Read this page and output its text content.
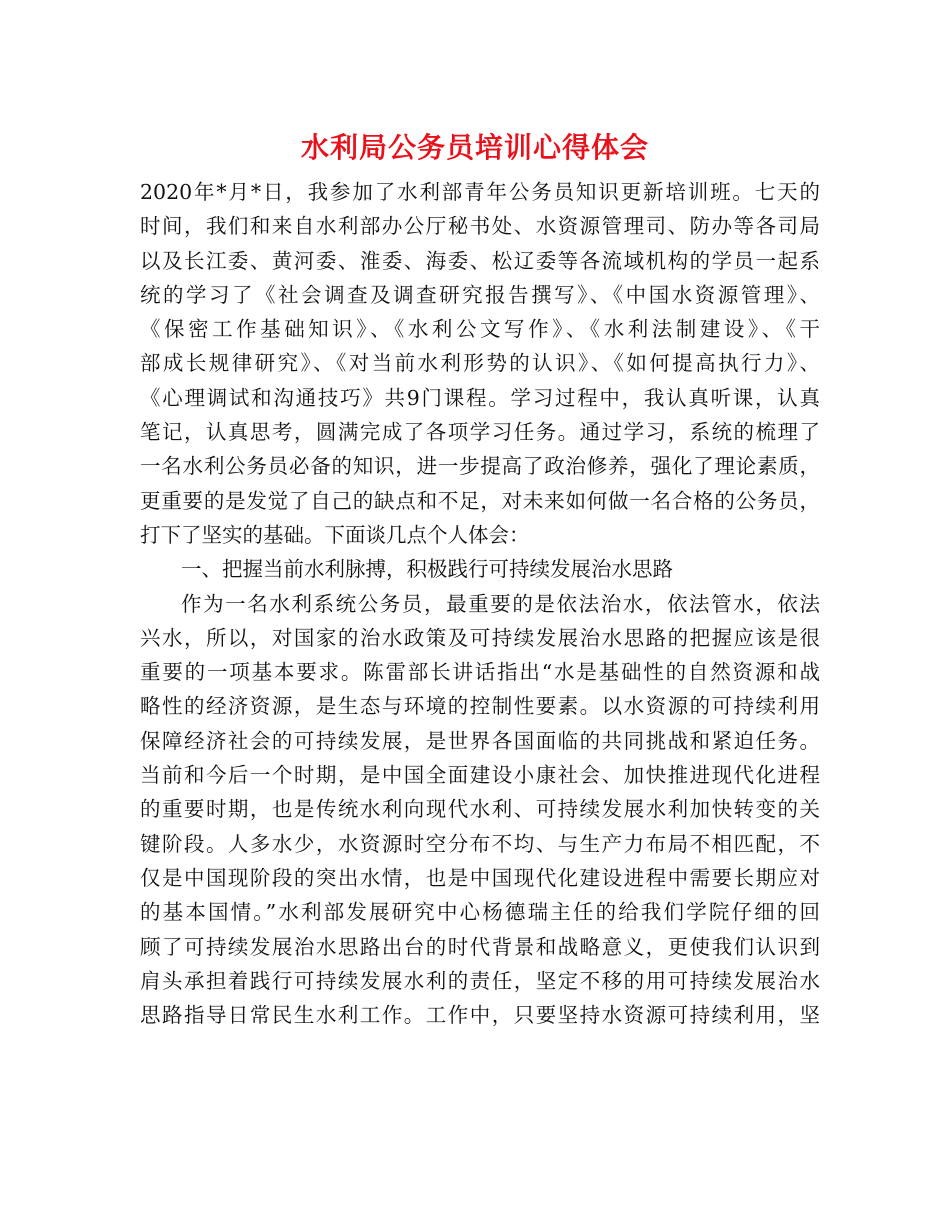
水利局公务员培训心得体会
2020年*月*日，我参加了水利部青年公务员知识更新培训班。七天的
时间，我们和来自水利部办公厅秘书处、水资源管理司、防办等各司局
以及长江委、黄河委、淮委、海委、松辽委等各流域机构的学员一起系
统的学习了《社会调查及调查研究报告撰写》、《中国水资源管理》、
《保密工作基础知识》、《水利公文写作》、《水利法制建设》、《干
部成长规律研究》、《对当前水利形势的认识》、《如何提高执行力》、
《心理调试和沟通技巧》共9门课程。学习过程中，我认真听课，认真
笔记，认真思考，圆满完成了各项学习任务。通过学习，系统的梳理了
一名水利公务员必备的知识，进一步提高了政治修养，强化了理论素质，
更重要的是发觉了自己的缺点和不足，对未来如何做一名合格的公务员，
打下了坚实的基础。下面谈几点个人体会：
一、把握当前水利脉搏，积极践行可持续发展治水思路
作为一名水利系统公务员，最重要的是依法治水，依法管水，依法
兴水，所以，对国家的治水政策及可持续发展治水思路的把握应该是很
重要的一项基本要求。陈雷部长讲话指出“水是基础性的自然资源和战
略性的经济资源，是生态与环境的控制性要素。以水资源的可持续利用
保障经济社会的可持续发展，是世界各国面临的共同挑战和紧迫任务。
当前和今后一个时期，是中国全面建设小康社会、加快推进现代化进程
的重要时期，也是传统水利向现代水利、可持续发展水利加快转变的关
键阶段。人多水少，水资源时空分布不均、与生产力布局不相匹配，不
仅是中国现阶段的突出水情，也是中国现代化建设进程中需要长期应对
的基本国情。”水利部发展研究中心杨德瑞主任的给我们学院仔细的回
顾了可持续发展治水思路出台的时代背景和战略意义，更使我们认识到
肩头承担着践行可持续发展水利的责任，坚定不移的用可持续发展治水
思路指导日常民生水利工作。工作中，只要坚持水资源可持续利用，坚
